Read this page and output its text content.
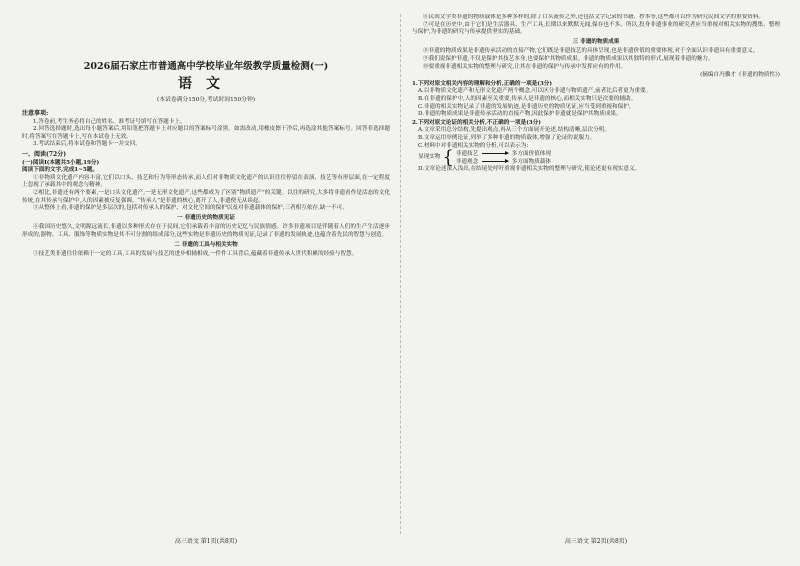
2026届石家庄市普通高中学校毕业年级教学质量检测(一)
语文
(本试卷满分150分,考试时间150分钟)
注意事项:

1.答卷前,考生务必将自己的姓名、准考证号填写在答题卡上。

2.回答选择题时,选出每小题答案后,用铅笔把答题卡上对应题目的答案标号涂黑。如需改动,用橡皮擦干净后,再选涂其他答案标号。回答非选择题时,将答案写在答题卡上,写在本试卷上无效。

3.考试结束后,将本试卷和答题卡一并交回。

一、阅读(72分)
(一)阅读Ⅰ(本题共5小题,19分)
阅读下面的文字,完成1~5题。

①非物质文化遗产内容丰富,它们以口头、技艺和行为等形态传承,而人们对非物质文化遗产的认识往往停留在表演、技艺等有形层面,在一定程度上忽视了承载其中的观念与精神。

②相比,非遗还有两个要素,一是口头文化遗产,一是无形文化遗产,这些都成为了区别“物质遗产”的关键。以往的研究,大多将非遗看作是活态的文化传统,在其传承与保护中,人的因素被反复强调。“传承人”是非遗的核心,离开了人,非遗便无从谈起。

③从整体上看,非遗的保护是多层次的,包括对传承人的保护、对文化空间的保护以及对非遗载体的保护,三者相互依存,缺一不可。

一 非遗历史的物质见证

④我国历史悠久,文明源远流长,非遗以多种形式存在于民间,它们承载着丰富的历史记忆与民族情感。许多非遗项目是伴随着人们的生产生活逐步形成的,器物、工具、服饰等物质实物是其不可分割的组成部分,这些实物是非遗历史的物质见证,记录了非遗的发展轨迹,也蕴含着先民的智慧与创造。

二 非遗的工具与相关实物

⑤技艺类非遗往往依赖于一定的工具,工具的发展与技艺的进步相辅相成,一件件工具背后,蕴藏着非遗传承人世代积累的经验与智慧。

⑥民间文学类非遗的物质载体是多种多样的,除了口头流传之外,还包括文字记录的书籍、抄本等,这些都可以作为研究民间文学的重要资料。

⑦可是在历史中,由于它们是生活器具、生产工具,长期以来默默无闻,保存也不多。所以,投身非遗事业的研究者应当重视对相关实物的搜集、整理与保护,为非遗的研究与传承提供坚实的基础。

三 非遗的物质成果

⑧非遗的物质成果是非遗传承活动的直接产物,它们既是非遗技艺的具体呈现,也是非遗价值的重要体现,对于全面认识非遗具有重要意义。

⑨我们说保护非遗,不仅是保护其技艺本身,也要保护其物质成果。非遗的物质成果以其独特的形式,展现着非遗的魅力。

⑩要重视非遗相关实物的整理与研究,让其在非遗的保护与传承中发挥应有的作用。

(摘编自冯骥才《非遗的物质性》)
1.下列对原文相关内容的理解和分析,正确的一项是(3分)
A.以非物质文化遗产和无形文化遗产两个概念,可以区分非遗与物质遗产,前者比后者更为重要。
B.在非遗的保护中,人的因素至关重要,传承人是非遗的核心,而相关实物只是次要的辅助。
C.非遗的相关实物记录了非遗的发展轨迹,是非遗历史的物质见证,应当受到重视和保护。
D.非遗的物质成果是非遗传承活动的直接产物,因此保护非遗就是保护其物质成果。
2.下列对原文论证的相关分析,不正确的一项是(3分)
A.文章采用总分结构,先提出观点,再从三个方面展开论述,结构清晰,层次分明。
B.文章运用举例论证,列举了多种非遗的物质载体,增强了论证的说服力。
C.材料中对非遗相关实物的分析,可以表示为:
显现实物 { 非遗技艺	多方面价值体现
非遗观念	多方面物质载体
D.文章论述深入浅出,在结尾处呼吁重视非遗相关实物的整理与研究,使论述更有现实意义。
高三语文 第1页(共8页)	高三语文 第2页(共8页)
